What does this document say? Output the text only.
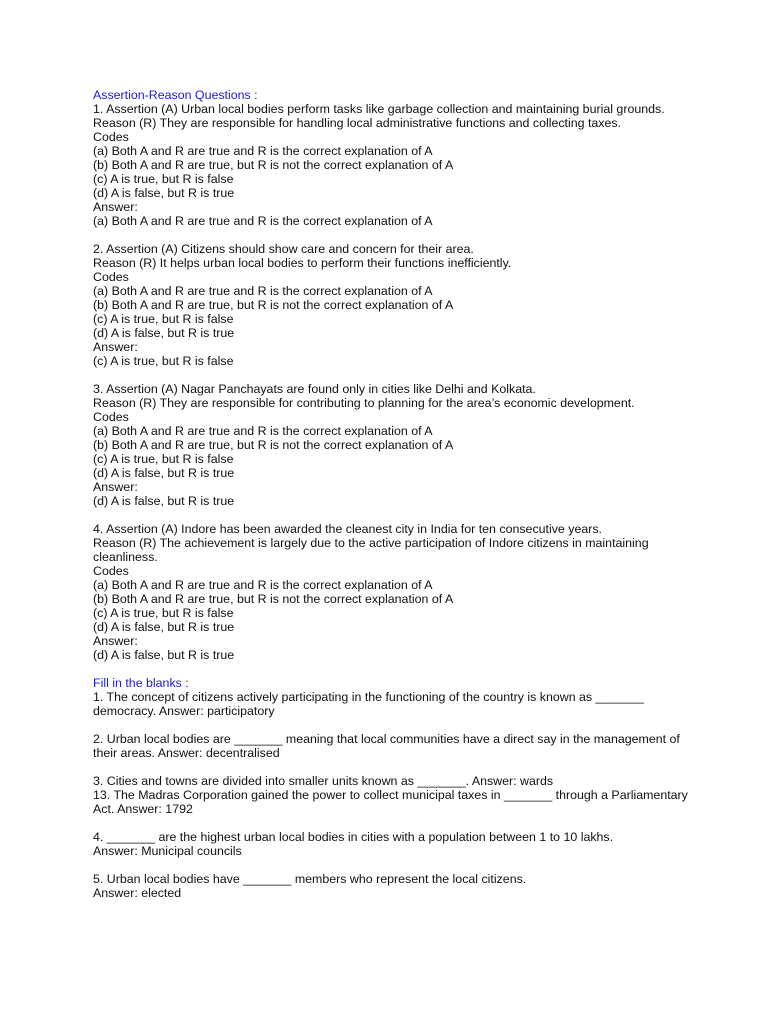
Assertion-Reason Questions :
1. Assertion (A) Urban local bodies perform tasks like garbage collection and maintaining burial grounds.
Reason (R) They are responsible for handling local administrative functions and collecting taxes.
Codes
(a) Both A and R are true and R is the correct explanation of A
(b) Both A and R are true, but R is not the correct explanation of A
(c) A is true, but R is false
(d) A is false, but R is true
Answer:
(a) Both A and R are true and R is the correct explanation of A
2. Assertion (A) Citizens should show care and concern for their area.
Reason (R) It helps urban local bodies to perform their functions inefficiently.
Codes
(a) Both A and R are true and R is the correct explanation of A
(b) Both A and R are true, but R is not the correct explanation of A
(c) A is true, but R is false
(d) A is false, but R is true
Answer:
(c) A is true, but R is false
3. Assertion (A) Nagar Panchayats are found only in cities like Delhi and Kolkata.
Reason (R) They are responsible for contributing to planning for the area’s economic development.
Codes
(a) Both A and R are true and R is the correct explanation of A
(b) Both A and R are true, but R is not the correct explanation of A
(c) A is true, but R is false
(d) A is false, but R is true
Answer:
(d) A is false, but R is true
4. Assertion (A) Indore has been awarded the cleanest city in India for ten consecutive years.
Reason (R) The achievement is largely due to the active participation of Indore citizens in maintaining cleanliness.
Codes
(a) Both A and R are true and R is the correct explanation of A
(b) Both A and R are true, but R is not the correct explanation of A
(c) A is true, but R is false
(d) A is false, but R is true
Answer:
(d) A is false, but R is true
Fill in the blanks :
1. The concept of citizens actively participating in the functioning of the country is known as _______ democracy. Answer: participatory
2. Urban local bodies are _______ meaning that local communities have a direct say in the management of their areas. Answer: decentralised
3. Cities and towns are divided into smaller units known as _______. Answer: wards
13. The Madras Corporation gained the power to collect municipal taxes in _______ through a Parliamentary Act. Answer: 1792
4. _______ are the highest urban local bodies in cities with a population between 1 to 10 lakhs.
Answer: Municipal councils
5. Urban local bodies have _______ members who represent the local citizens.
Answer: elected
